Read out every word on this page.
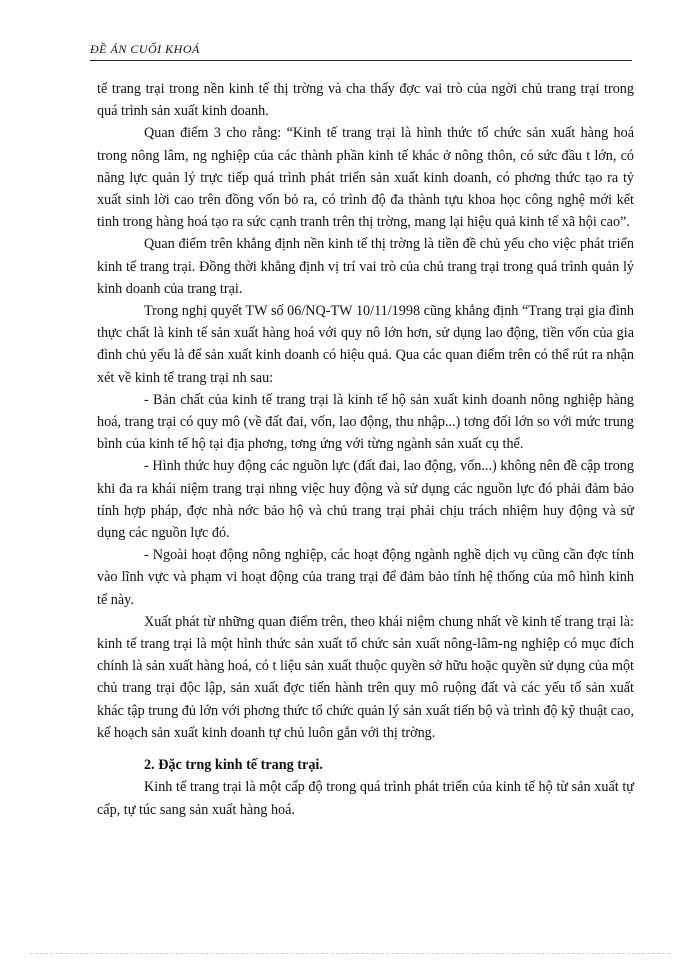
ĐỀ ÁN CUỐI KHOÁ

tế trang trại trong nền kinh tế thị trờng và cha thấy đợc vai trò của ngời chủ trang trại trong quá trình sản xuất kinh doanh.

Quan điểm 3 cho rằng: “Kinh tế trang trại là hình thức tổ chức sản xuất hàng hoá trong nông lâm, ng nghiệp của các thành phần kinh tế khác ở nông thôn, có sức đầu t lớn, có năng lực quản lý trực tiếp quá trình phát triển sản xuất kinh doanh, có phơng thức tạo ra tỷ xuất sinh lời cao trên đồng vốn bỏ ra, có trình độ đa thành tựu khoa học công nghệ mới kết tinh trong hàng hoá tạo ra sức cạnh tranh trên thị trờng, mang lại hiệu quả kinh tế xã hội cao”.

Quan điểm trên khẳng định nền kinh tế thị trờng là tiền đề chủ yếu cho việc phát triển kinh tế trang trại. Đồng thời khẳng định vị trí vai trò của chủ trang trại trong quá trình quản lý kinh doanh của trang trại.

Trong nghị quyết TW số 06/NQ-TW 10/11/1998 cũng khẳng định “Trang trại gia đình thực chất là kinh tế sản xuất hàng hoá với quy nô lớn hơn, sử dụng lao động, tiền vốn của gia đình chủ yếu là để sản xuất kinh doanh có hiệu quả. Qua các quan điểm trên có thể rút ra nhận xét về kinh tế trang trại nh sau:

- Bản chất của kinh tế trang trại là kinh tế hộ sản xuất kinh doanh nông nghiệp hàng hoá, trang trại có quy mô (về đất đai, vốn, lao động, thu nhập...) tơng đối lớn so với mức trung bình của kinh tế hộ tại địa phơng, tơng ứng với từng ngành sản xuất cụ thể.

- Hình thức huy động các nguồn lực (đất đai, lao động, vốn...) không nên đề cập trong khi đa ra khái niệm trang trại nhng việc huy động và sử dụng các nguồn lực đó phải đảm bảo tính hợp pháp, đợc nhà nớc bảo hộ và chủ trang trại phải chịu trách nhiệm huy động và sử dụng các nguồn lực đó.

- Ngoài hoạt động nông nghiệp, các hoạt động ngành nghề dịch vụ cũng cần đợc tính vào lĩnh vực và phạm vi hoạt động của trang trại để đảm bảo tính hệ thống của mô hình kinh tế này.

Xuất phát từ những quan điểm trên, theo khái niệm chung nhất về kinh tế trang trại là: kinh tế trang trại là một hình thức sản xuất tổ chức sản xuất nông-lâm-ng nghiệp có mục đích chính là sản xuất hàng hoá, có t liệu sản xuất thuộc quyền sở hữu hoặc quyền sử dụng của một chủ trang trại độc lập, sản xuất đợc tiến hành trên quy mô ruộng đất và các yếu tố sản xuất khác tập trung đủ lớn với phơng thức tổ chức quản lý sản xuất tiến bộ và trình độ kỹ thuật cao, kế hoạch sản xuất kinh doanh tự chủ luôn gắn với thị trờng.

2. Đặc trng kinh tế trang trại.

Kinh tế trang trại là một cấp độ trong quá trình phát triển của kinh tế hộ từ sản xuất tự cấp, tự túc sang sản xuất hàng hoá.
